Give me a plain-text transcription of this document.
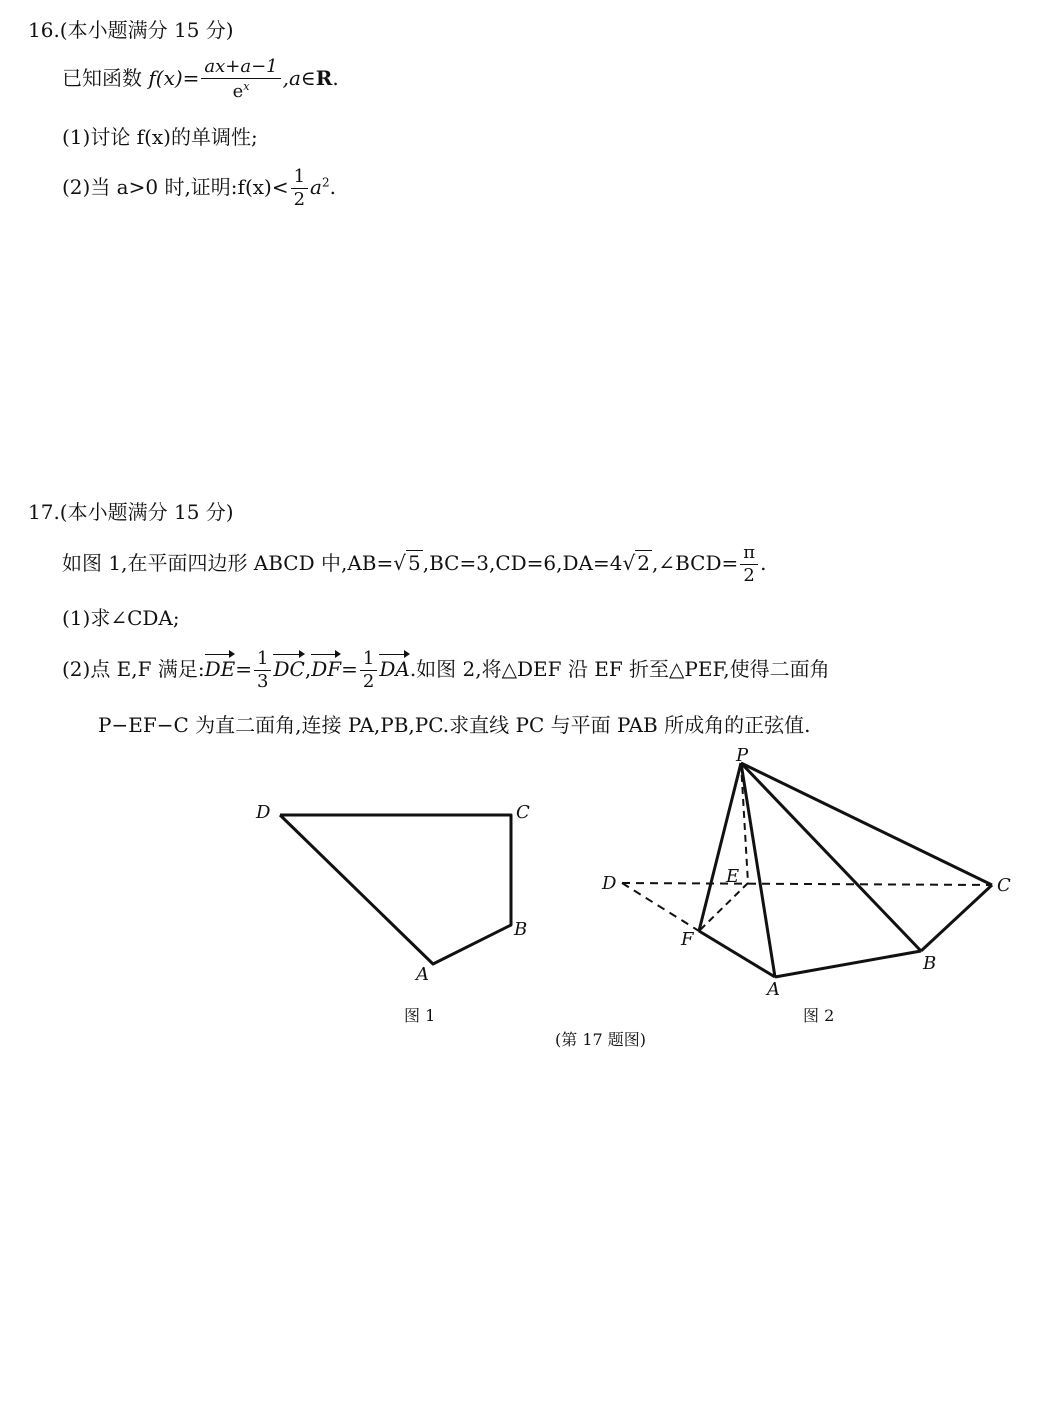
16.(本小题满分 15 分)
已知函数 $f(x)= \frac{ax+a-1}{e^x}$ ,a∈R.
(1)讨论 f(x)的单调性;
(2)当 a>0 时,证明:f(x)< $\frac{1}{2} a^2$.
17.(本小题满分 15 分)
如图 1,在平面四边形 ABCD 中,AB=√ 5 ,BC=3,CD=6,DA=4√ 2 ,∠BCD= $\frac{\pi}{2}$ .
(1)求∠CDA;
(2)点 E,F 满足:DE= $\frac{1}{3} DC,DF= \frac{1}{2}$ DA.如图 2,将△DEF 沿 EF 折至△PEF,使得二面角
P−EF−C 为直二面角,连接 PA,PB,PC.求直线 PC 与平面 PAB 所成角的正弦值.
D	C
B
A
图 1
P
E
D	C
F
B
A
图 2
(第 17 题图)
